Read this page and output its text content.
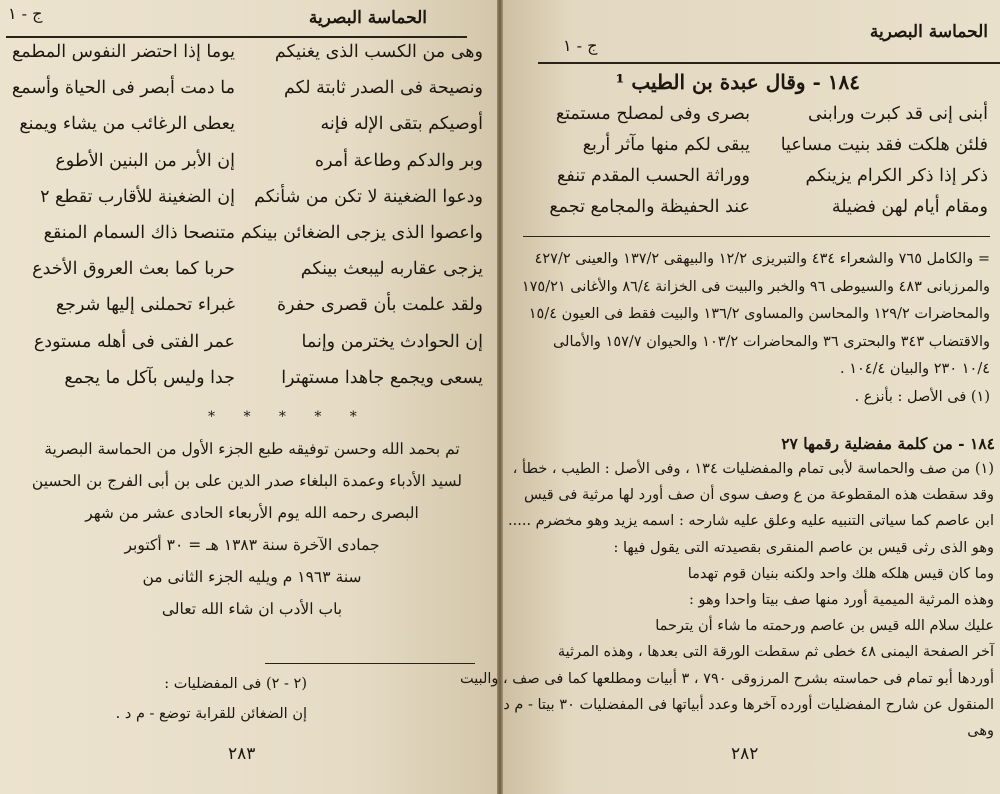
الحماسة البصرية
ج - ١
وهى من الكسب الذى يغنيكم
يوما إذا احتضر النفوس المطمع
ونصيحة فى الصدر ثابتة لكم
ما دمت أبصر فى الحياة وأسمع
أوصيكم بتقى الإله فإنه
يعطى الرغائب من يشاء ويمنع
وبر والدكم وطاعة أمره
إن الأبر من البنين الأطوع
ودعوا الضغينة لا تكن من شأنكم
إن الضغينة للأقارب تقطع ٢
واعصوا الذى يزجى الضغائن بينكم
متنصحا ذاك السمام المنقع
يزجى عقاربه ليبعث بينكم
حربا كما بعث العروق الأخدع
ولقد علمت بأن قصرى حفرة
غبراء تحملنى إليها شرجع
إن الحوادث يخترمن وإنما
عمر الفتى فى أهله مستودع
يسعى ويجمع جاهدا مستهترا
جدا وليس بآكل ما يجمع
* * * * *
تم بحمد الله وحسن توفيقه طبع الجزء الأول من الحماسة البصرية
لسيد الأدباء وعمدة البلغاء صدر الدين على بن أبى الفرج بن الحسين
البصرى رحمه الله يوم الأربعاء الحادى عشر من شهر
جمادى الآخرة سنة ١٣٨٣ هـ = ٣٠ أكتوبر
سنة ١٩٦٣ م ويليه الجزء الثانى من
باب الأدب ان شاء الله تعالى
(٢ - ٢) فى المفضليات :
إن الضغائن للقرابة توضع - م د .
٢٨٣
الحماسة البصرية
ج - ١
١٨٤ - وقال عبدة بن الطيب ¹
أبنى إنى قد كبرت ورابنى
بصرى وفى لمصلح مستمتع
فلئن هلكت فقد بنيت مساعيا
يبقى لكم منها مآثر أربع
ذكر إذا ذكر الكرام يزينكم
ووراثة الحسب المقدم تنفع
ومقام أيام لهن فضيلة
عند الحفيظة والمجامع تجمع
= والكامل ٧٦٥ والشعراء ٤٣٤ والتبريزى ١٢/٢ والبيهقى ١٣٧/٢ والعينى ٤٢٧/٢
والمرزبانى ٤٨٣ والسيوطى ٩٦ والخبر والبيت فى الخزانة ٨٦/٤ والأغانى ١٧٥/٢١
والمحاضرات ١٢٩/٢ والمحاسن والمساوى ١٣٦/٢ والبيت فقط فى العيون ١٥/٤
والاقتضاب ٣٤٣ والبحترى ٣٦ والمحاضرات ١٠٣/٢ والحيوان ١٥٧/٧ والأمالى
١٠/٤ ٢٣٠ والبيان ١٠٤/٤ .
(١) فى الأصل : بأنزع .
١٨٤ - من كلمة مفضلية رقمها ٢٧
(١) من صف والحماسة لأبى تمام والمفضليات ١٣٤ ، وفى الأصل : الطيب ، خطأ ،
وقد سقطت هذه المقطوعة من ع وصف سوى أن صف أورد لها مرثية فى قيس
ابن عاصم كما سياتى التنبيه عليه وعلق عليه شارحه : اسمه يزيد وهو مخضرم .....
وهو الذى رثى قيس بن عاصم المنقرى بقصيدته التى يقول فيها :
وما كان قيس هلكه هلك واحد ولكنه بنيان قوم تهدما
وهذه المرثية الميمية أورد منها صف بيتا واحدا وهو :
عليك سلام الله قيس بن عاصم ورحمته ما شاء أن يترحما
آخر الصفحة اليمنى ٤٨ خطى ثم سقطت الورقة التى بعدها ، وهذه المرثية
أوردها أبو تمام فى حماسته بشرح المرزوقى ٧٩٠ ، ٣ أبيات ومطلعها كما فى صف ، والبيت
المنقول عن شارح المفضليات أورده آخرها وعدد أبياتها فى المفضليات ٣٠ بيتا - م د
وهى
٢٨٢
